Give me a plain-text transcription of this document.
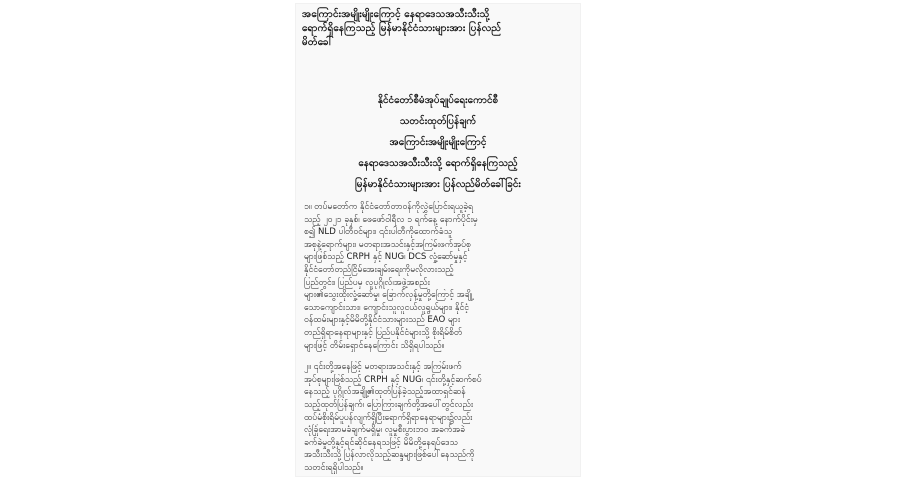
အကြောင်းအမျိုးမျိုးကြောင့် နေရာဒေသအသီးသီးသို့
ရောက်ရှိနေကြသည့် မြန်မာနိုင်ငံသားများအား ပြန်လည်
မိတ်ခေါ်
နိုင်ငံတော်စီမံအုပ်ချုပ်ရေးကောင်စီ
သတင်းထုတ်ပြန်ချက်
အကြောင်းအမျိုးမျိုးကြောင့်
နေရာဒေသအသီးသီးသို့ ရောက်ရှိနေကြသည့်
မြန်မာနိုင်ငံသားများအား ပြန်လည်မိတ်ခေါ်ခြင်း
၁။ တပ်မတော်က နိုင်ငံတော်တာဝန်ကိုလွှဲပြောင်းရယူခဲ့ရ
သည့် ၂၀၂၁ ခုနှစ်၊ ဖေဖော်ဝါရီလ ၁ ရက်နေ့ နောက်ပိုင်းမှ
စ၍ NLD ပါတီဝင်များ၊ ၎င်းပါတီကိုထောက်ခံသူ
အစုနဲ့ရောက်များ၊ မတရားအသင်းနှင့်အကြမ်းဖက်အုပ်စု
များဖြစ်သည့် CRPH နှင့် NUG၊ DCS လှုံ့ဆော်မှုနှင့်
နိုင်ငံတော်တည်ငြိမ်အေးချမ်းရေးကိုမလိုလားသည့်
ပြည်တွင်း၊ ပြည်ပမှ လူပုဂ္ဂိုလ်၊အဖွဲ့အစည်း
များ၏သွေးထိုးလှုံ့ဆော်မှု၊ ခြောက်လှန့်မှုတို့ကြောင့် အချို့
သောကျောင်းသား၊ ကျောင်းသူလူငယ်လူရွယ်များ၊ နိုင်ငံ့
ဝန်ထမ်းများနှင့်မိမိတို့နိုင်ငံသားများသည် EAO များ
တည်ရှိရာနေရာများနှင့် ပြည်ပနိုင်ငံများသို့ စိုးရိမ်စိတ်
များဖြင့် တိမ်းရှောင်နေကြောင်း သိရှိရပါသည်။
၂။ ၎င်းတို့အနေဖြင့် မတရားအသင်းနှင့် အကြမ်းဖက်
အုပ်စုများဖြစ်သည့် CRPH နှင့် NUG၊ ၎င်းတို့နှင့်ဆက်စပ်
နေသည့် ပုဂ္ဂိုလ်အချို့၏ထုတ်ပြန်ခဲ့သည့်အထာရှင်ဆန်
သည့်ထုတ်ပြန်ချက်၊ ပြောကြားချက်တို့အပေါ်တွင်လည်း
ထပ်မံစိုးရိမ်ပူပန်လျက်ရှိပြီးရောက်ရှိရာနေရာများ၌လည်း
လုံခြုံရေးအာမခံချက်မရှိမှု၊ လူမှုစီးပွားဘဝ အခက်အခဲ
ခက်ခဲမှုတို့နှင့်ရင်ဆိုင်နေရသဖြင့် မိမိတို့နေရပ်ဒေသ
အသီးသီးသို့ ပြန်လာလိုသည့်ဆန္ဒများဖြစ်ပေါ်နေသည်ကို
သတင်းရရှိပါသည်။
